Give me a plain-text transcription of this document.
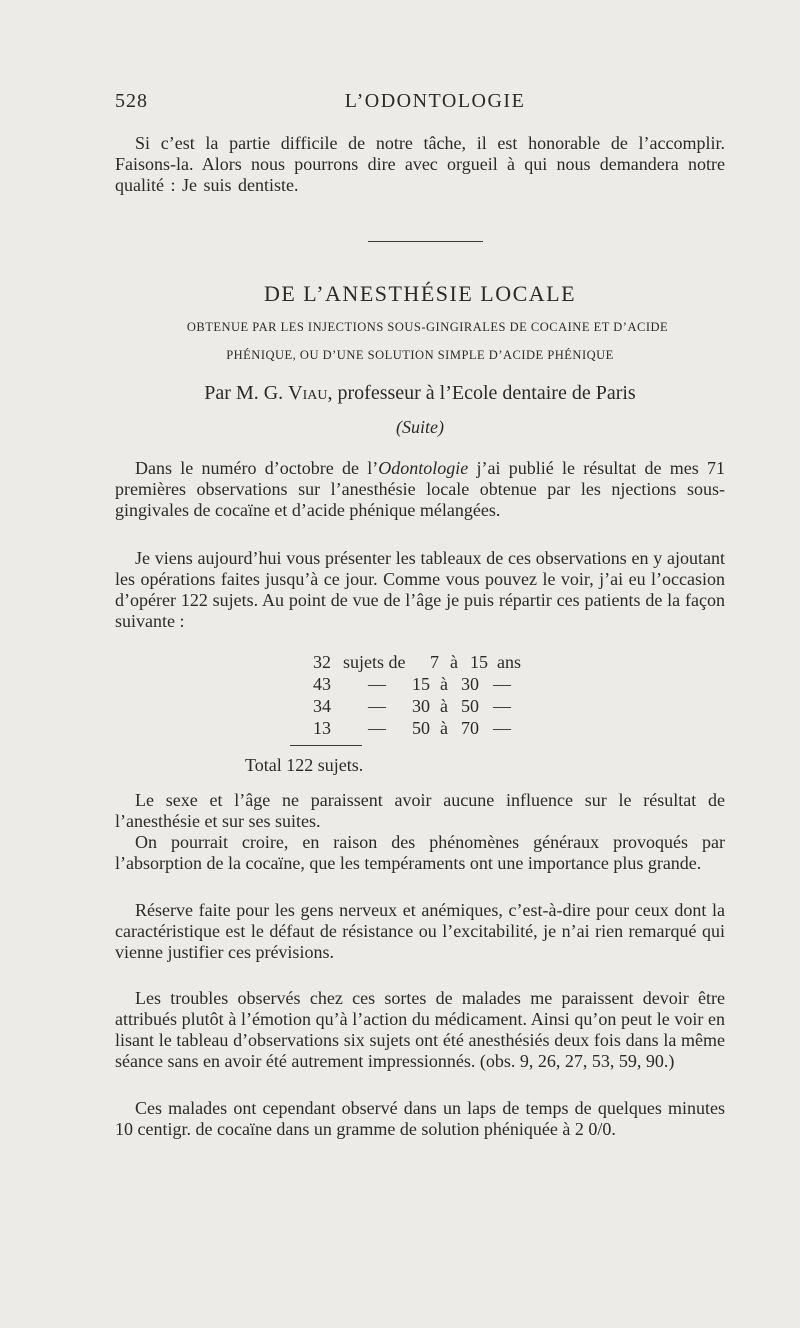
528	L’ODONTOLOGIE

Si c’est la partie difficile de notre tâche, il est honorable de l’accomplir. Faisons-la. Alors nous pourrons dire avec orgueil à qui nous demandera notre qualité : Je suis dentiste.

DE L’ANESTHÉSIE LOCALE
OBTENUE PAR LES INJECTIONS SOUS-GINGIRALES DE COCAINE ET D’ACIDE
PHÉNIQUE, OU D’UNE SOLUTION SIMPLE D’ACIDE PHÉNIQUE
Par M. G. Viau, professeur à l’Ecole dentaire de Paris
(Suite)

Dans le numéro d’octobre de l’Odontologie j’ai publié le résultat de mes 71 premières observations sur l’anesthésie locale obtenue par les njections sous-gingivales de cocaïne et d’acide phénique mélangées.

Je viens aujourd’hui vous présenter les tableaux de ces observations en y ajoutant les opérations faites jusqu’à ce jour. Comme vous pouvez le voir, j’ai eu l’occasion d’opérer 122 sujets. Au point de vue de l’âge je puis répartir ces patients de la façon suivante :

32 sujets de 7 à 15 ans
43 — 15 à 30 —
34 — 30 à 50 —
13 — 50 à 70 —
Total 122 sujets.

Le sexe et l’âge ne paraissent avoir aucune influence sur le résultat de l’anesthésie et sur ses suites.

On pourrait croire, en raison des phénomènes généraux provoqués par l’absorption de la cocaïne, que les tempéraments ont une importance plus grande.

Réserve faite pour les gens nerveux et anémiques, c’est-à-dire pour ceux dont la caractéristique est le défaut de résistance ou l’excitabilité, je n’ai rien remarqué qui vienne justifier ces prévisions.

Les troubles observés chez ces sortes de malades me paraissent devoir être attribués plutôt à l’émotion qu’à l’action du médicament. Ainsi qu’on peut le voir en lisant le tableau d’observations six sujets ont été anesthésiés deux fois dans la même séance sans en avoir été autrement impressionnés. (obs. 9, 26, 27, 53, 59, 90.)

Ces malades ont cependant observé dans un laps de temps de quelques minutes 10 centigr. de cocaïne dans un gramme de solution phéniquée à 2 0/0.
